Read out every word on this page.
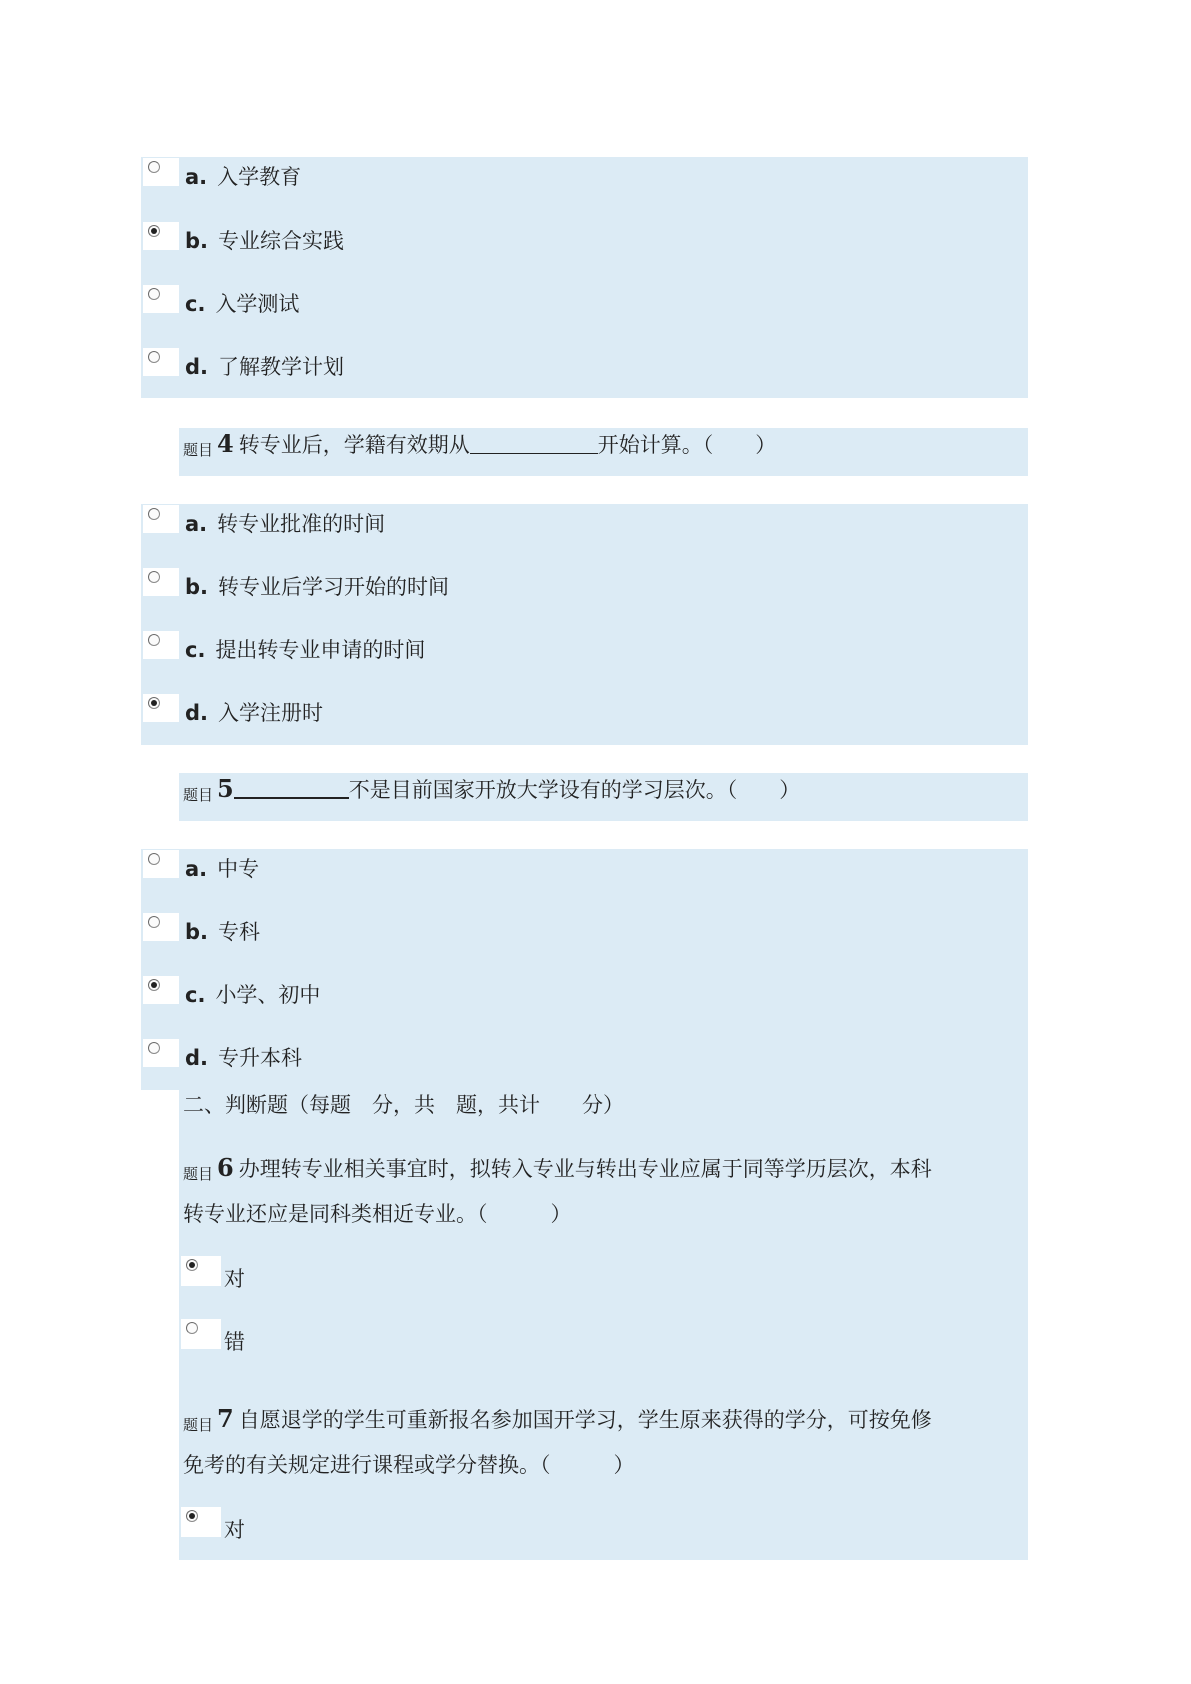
a. 入学教育
b. 专业综合实践
c. 入学测试
d. 了解教学计划
题目 4 转专业后，学籍有效期从	开始计算。（　　）
a. 转专业批准的时间
b. 转专业后学习开始的时间
c. 提出转专业申请的时间
d. 入学注册时
题目 5	不是目前国家开放大学设有的学习层次。（　　）
a. 中专
b. 专科
c. 小学、初中
d. 专升本科
二、判断题（每题　分，共　题，共计　　分）
题目 6 办理转专业相关事宜时，拟转入专业与转出专业应属于同等学历层次，本科
转专业还应是同科类相近专业。（　　　）
对
错
题目 7 自愿退学的学生可重新报名参加国开学习，学生原来获得的学分，可按免修
免考的有关规定进行课程或学分替换。（　　　）
对
